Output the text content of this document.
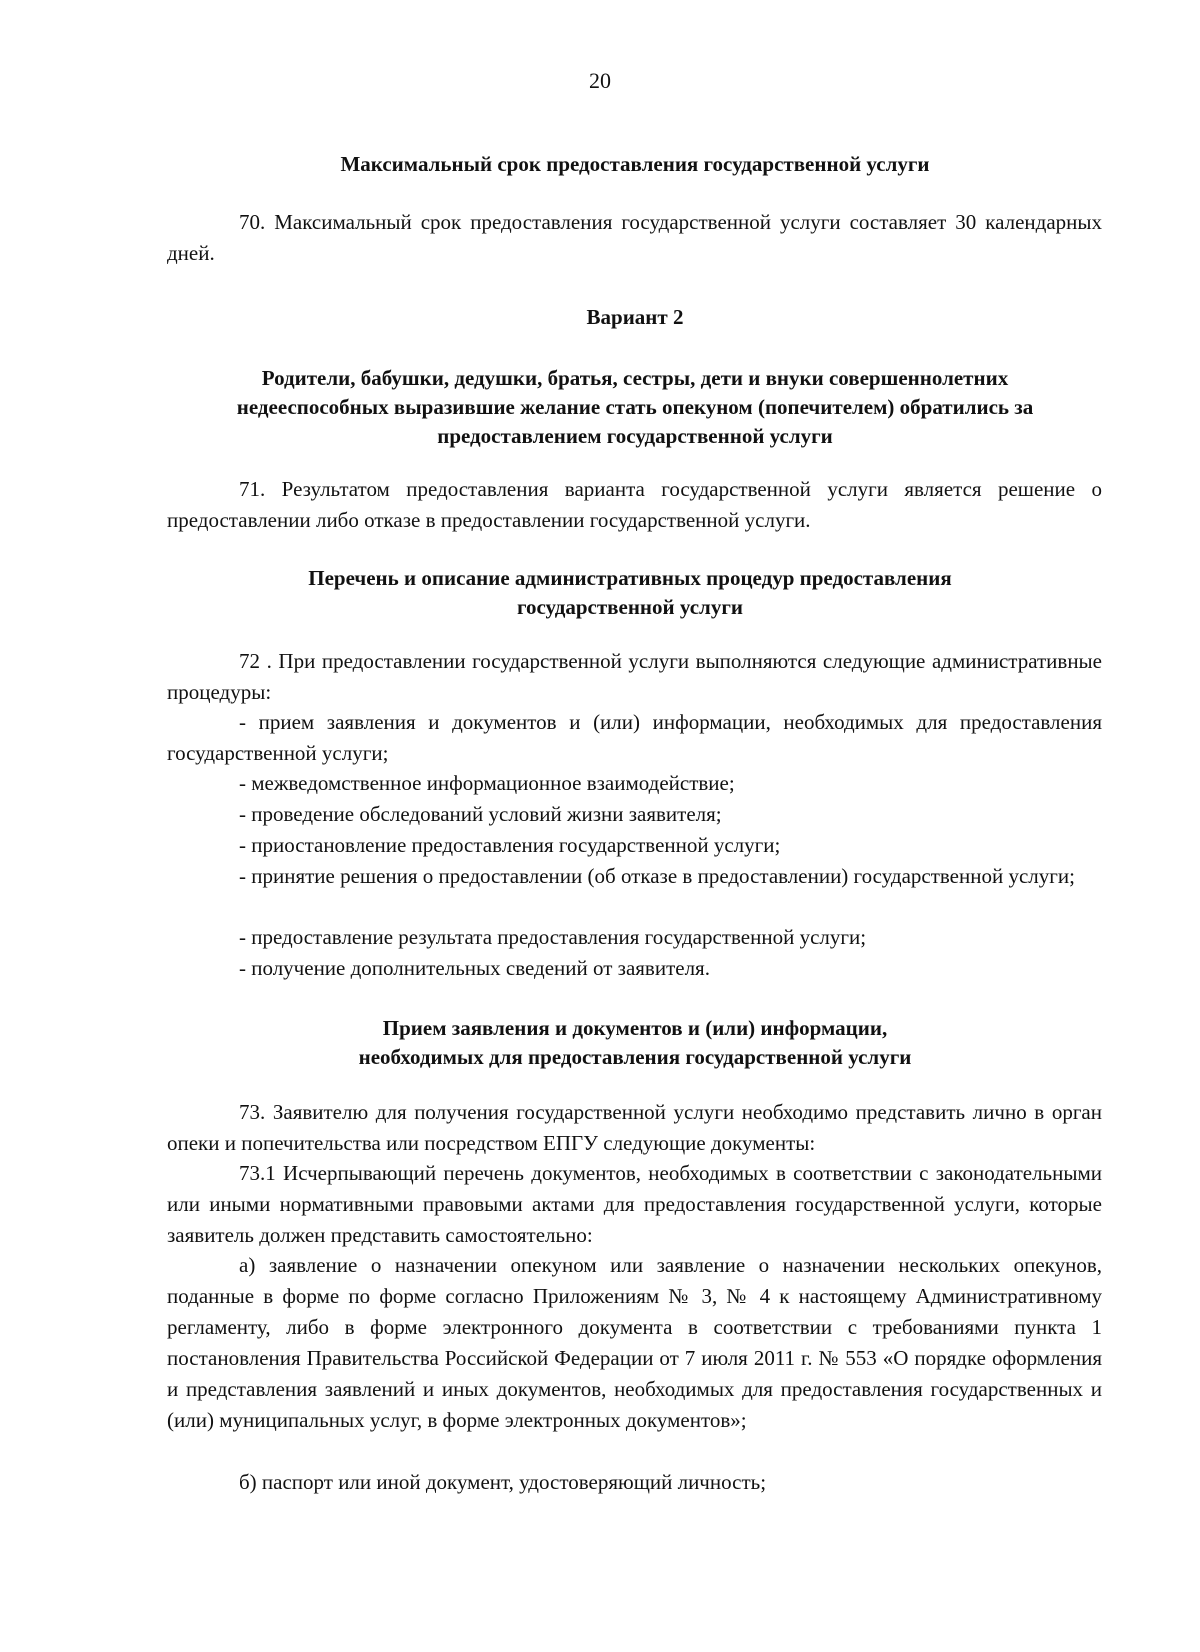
20
Максимальный срок предоставления государственной услуги
70. Максимальный срок предоставления государственной услуги составляет 30 календарных дней.
Вариант 2
Родители, бабушки, дедушки, братья, сестры, дети и внуки совершеннолетних недееспособных выразившие желание стать опекуном (попечителем) обратились за предоставлением государственной услуги
71. Результатом предоставления варианта государственной услуги является решение о предоставлении либо отказе в предоставлении государственной услуги.
Перечень и описание административных процедур предоставления государственной услуги
72 . При предоставлении государственной услуги выполняются следующие административные процедуры:
- прием заявления и документов и (или) информации, необходимых для предоставления государственной услуги;
- межведомственное информационное взаимодействие;
- проведение обследований условий жизни заявителя;
- приостановление предоставления государственной услуги;
- принятие решения о предоставлении (об отказе в предоставлении) государственной услуги;
- предоставление результата предоставления государственной услуги;
- получение дополнительных сведений от заявителя.
Прием заявления и документов и (или) информации,
необходимых для предоставления государственной услуги
73. Заявителю для получения государственной услуги необходимо представить лично в орган опеки и попечительства или посредством ЕПГУ следующие документы:
73.1 Исчерпывающий перечень документов, необходимых в соответствии с законодательными или иными нормативными правовыми актами для предоставления государственной услуги, которые заявитель должен представить самостоятельно:
а) заявление о назначении опекуном или заявление о назначении нескольких опекунов, поданные в форме по форме согласно Приложениям № 3, № 4 к настоящему Административному регламенту, либо в форме электронного документа в соответствии с требованиями пункта 1 постановления Правительства Российской Федерации от 7 июля 2011 г. № 553 «О порядке оформления и представления заявлений и иных документов, необходимых для предоставления государственных и (или) муниципальных услуг, в форме электронных документов»;
б) паспорт или иной документ, удостоверяющий личность;
